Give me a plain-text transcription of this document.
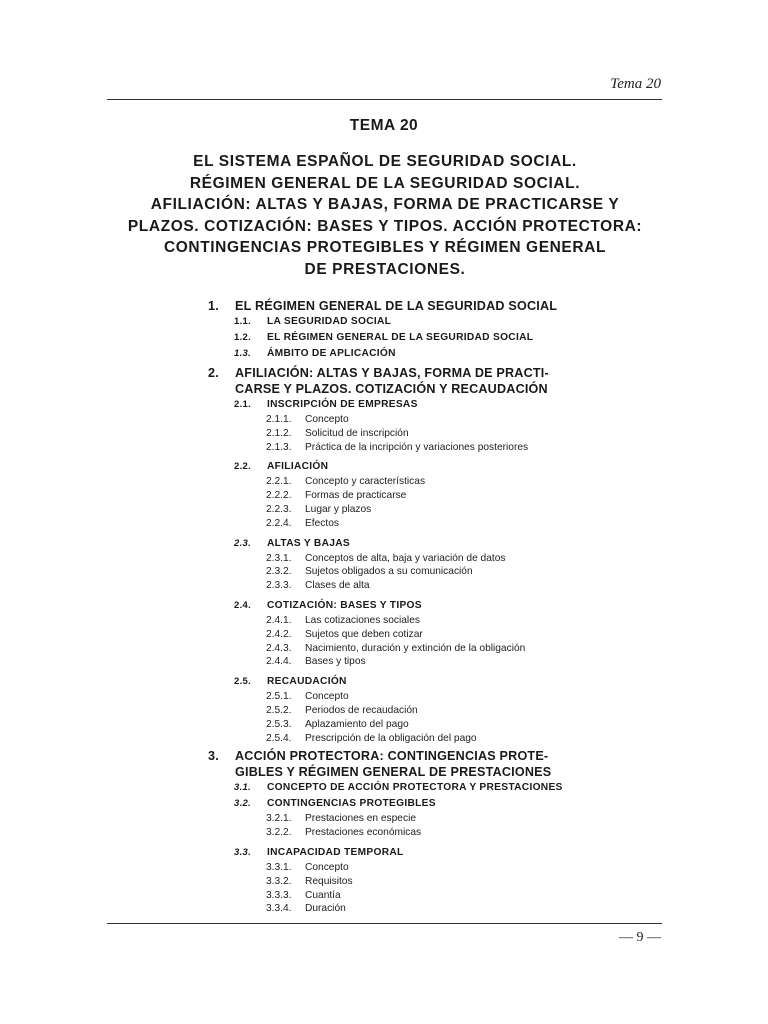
Tema 20
TEMA 20
EL SISTEMA ESPAÑOL DE SEGURIDAD SOCIAL.
RÉGIMEN GENERAL DE LA SEGURIDAD SOCIAL.
AFILIACIÓN: ALTAS Y BAJAS, FORMA DE PRACTICARSE Y
PLAZOS. COTIZACIÓN: BASES Y TIPOS. ACCIÓN PROTECTORA:
CONTINGENCIAS PROTEGIBLES Y RÉGIMEN GENERAL
DE PRESTACIONES.
1. EL RÉGIMEN GENERAL DE LA SEGURIDAD SOCIAL
1.1. LA SEGURIDAD SOCIAL
1.2. EL RÉGIMEN GENERAL DE LA SEGURIDAD SOCIAL
1.3. ÁMBITO DE APLICACIÓN
2. AFILIACIÓN: ALTAS Y BAJAS, FORMA DE PRACTI-
CARSE Y PLAZOS. COTIZACIÓN Y RECAUDACIÓN
2.1. INSCRIPCIÓN DE EMPRESAS
2.1.1. Concepto
2.1.2. Solicitud de inscripción
2.1.3. Práctica de la incripción y variaciones posteriores
2.2. AFILIACIÓN
2.2.1. Concepto y características
2.2.2. Formas de practicarse
2.2.3. Lugar y plazos
2.2.4. Efectos
2.3. ALTAS Y BAJAS
2.3.1. Conceptos de alta, baja y variación de datos
2.3.2. Sujetos obligados a su comunicación
2.3.3. Clases de alta
2.4. COTIZACIÓN: BASES Y TIPOS
2.4.1. Las cotizaciones sociales
2.4.2. Sujetos que deben cotizar
2.4.3. Nacimiento, duración y extinción de la obligación
2.4.4. Bases y tipos
2.5. RECAUDACIÓN
2.5.1. Concepto
2.5.2. Periodos de recaudación
2.5.3. Aplazamiento del pago
2.5.4. Prescripción de la obligación del pago
3. ACCIÓN PROTECTORA: CONTINGENCIAS PROTE-
GIBLES Y RÉGIMEN GENERAL DE PRESTACIONES
3.1. CONCEPTO DE ACCIÓN PROTECTORA Y PRESTACIONES
3.2. CONTINGENCIAS PROTEGIBLES
3.2.1. Prestaciones en especie
3.2.2. Prestaciones económicas
3.3. INCAPACIDAD TEMPORAL
3.3.1. Concepto
3.3.2. Requisitos
3.3.3. Cuantía
3.3.4. Duración
— 9 —
